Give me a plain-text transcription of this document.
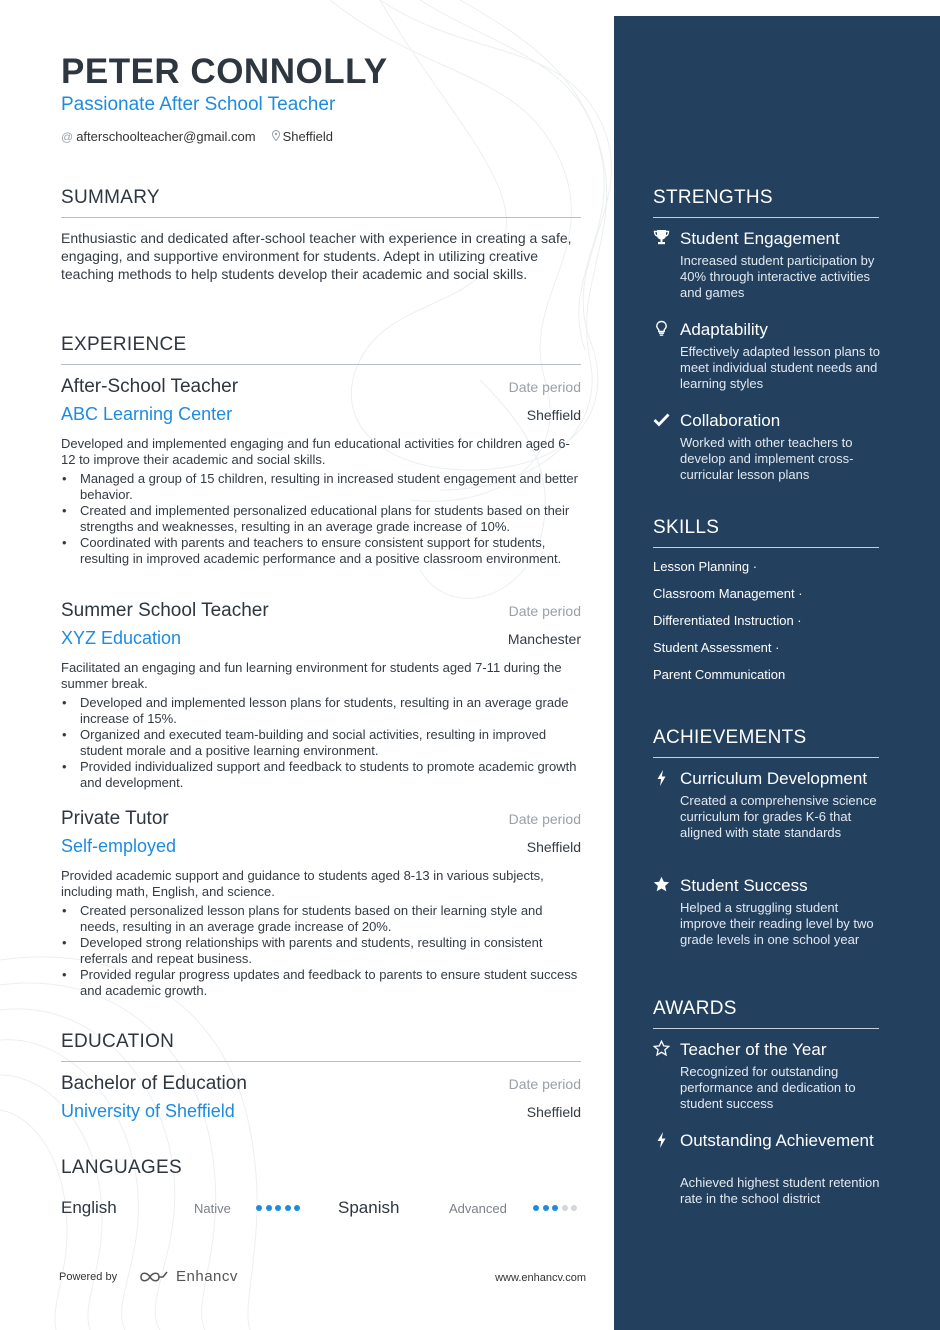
PETER CONNOLLY
Passionate After School Teacher
@ afterschoolteacher@gmail.com Sheffield
SUMMARY
Enthusiastic and dedicated after-school teacher with experience in creating a safe, engaging, and supportive environment for students. Adept in utilizing creative teaching methods to help students develop their academic and social skills.
EXPERIENCE
After-School Teacher	Date period
ABC Learning Center	Sheffield
Developed and implemented engaging and fun educational activities for children aged 6-12 to improve their academic and social skills.
• Managed a group of 15 children, resulting in increased student engagement and better behavior.
• Created and implemented personalized educational plans for students based on their strengths and weaknesses, resulting in an average grade increase of 10%.
• Coordinated with parents and teachers to ensure consistent support for students, resulting in improved academic performance and a positive classroom environment.
Summer School Teacher	Date period
XYZ Education	Manchester
Facilitated an engaging and fun learning environment for students aged 7-11 during the summer break.
• Developed and implemented lesson plans for students, resulting in an average grade increase of 15%.
• Organized and executed team-building and social activities, resulting in improved student morale and a positive learning environment.
• Provided individualized support and feedback to students to promote academic growth and development.
Private Tutor	Date period
Self-employed	Sheffield
Provided academic support and guidance to students aged 8-13 in various subjects, including math, English, and science.
• Created personalized lesson plans for students based on their learning style and needs, resulting in an average grade increase of 20%.
• Developed strong relationships with parents and students, resulting in consistent referrals and repeat business.
• Provided regular progress updates and feedback to parents to ensure student success and academic growth.
EDUCATION
Bachelor of Education	Date period
University of Sheffield	Sheffield
LANGUAGES
English	Native	Spanish	Advanced
Powered by	Enhancv	www.enhancv.com
STRENGTHS
Student Engagement
Increased student participation by 40% through interactive activities and games
Adaptability
Effectively adapted lesson plans to meet individual student needs and learning styles
Collaboration
Worked with other teachers to develop and implement cross-curricular lesson plans
SKILLS
Lesson Planning ·
Classroom Management ·
Differentiated Instruction ·
Student Assessment ·
Parent Communication
ACHIEVEMENTS
Curriculum Development
Created a comprehensive science curriculum for grades K-6 that aligned with state standards
Student Success
Helped a struggling student improve their reading level by two grade levels in one school year
AWARDS
Teacher of the Year
Recognized for outstanding performance and dedication to student success
Outstanding Achievement
Achieved highest student retention rate in the school district
